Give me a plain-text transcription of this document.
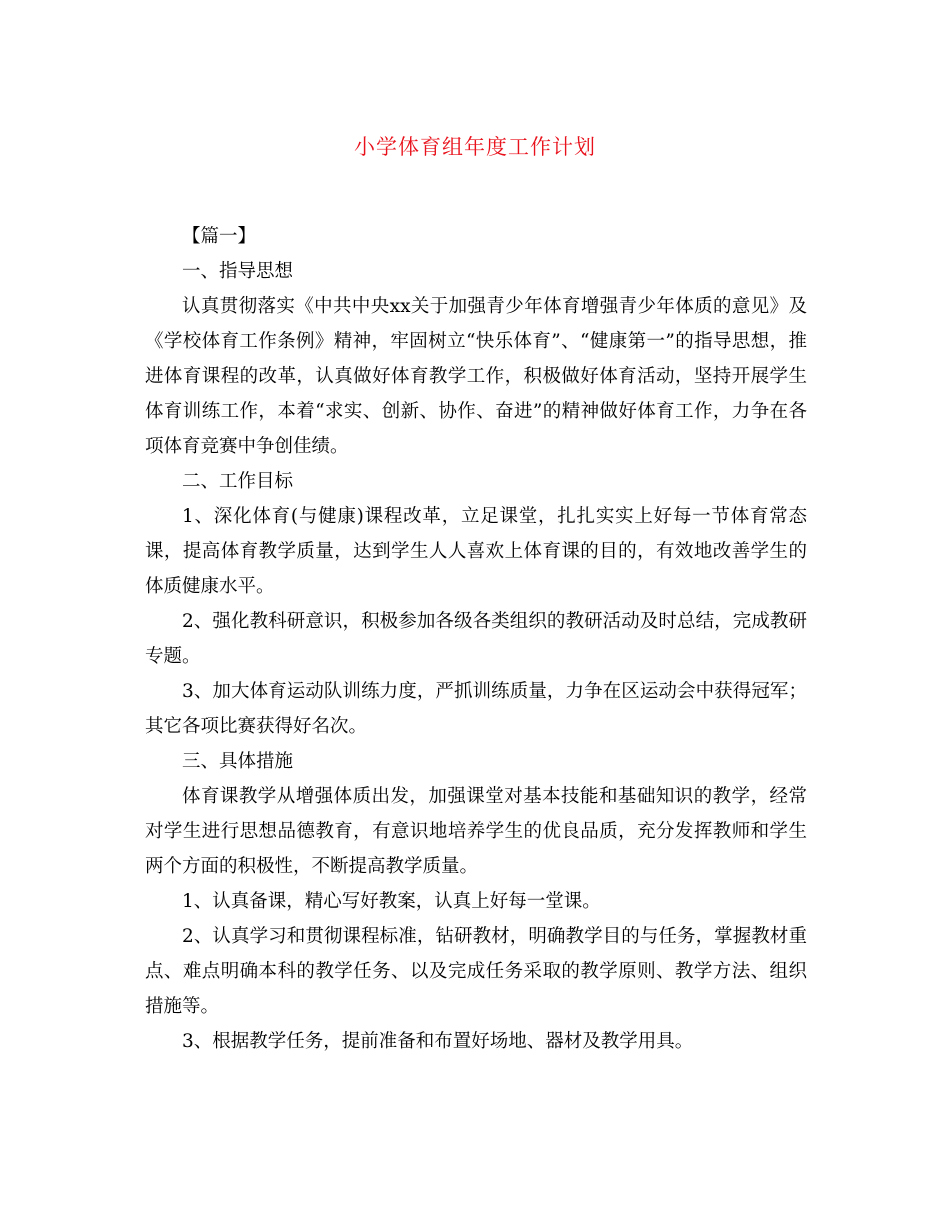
小学体育组年度工作计划

【篇一】

一、指导思想

认真贯彻落实《中共中央xx关于加强青少年体育增强青少年体质的意见》及《学校体育工作条例》精神，牢固树立“快乐体育”、“健康第一”的指导思想，推进体育课程的改革，认真做好体育教学工作，积极做好体育活动，坚持开展学生体育训练工作，本着“求实、创新、协作、奋进”的精神做好体育工作，力争在各项体育竞赛中争创佳绩。

二、工作目标

1、深化体育(与健康)课程改革，立足课堂，扎扎实实上好每一节体育常态课，提高体育教学质量，达到学生人人喜欢上体育课的目的，有效地改善学生的体质健康水平。

2、强化教科研意识，积极参加各级各类组织的教研活动及时总结，完成教研专题。

3、加大体育运动队训练力度，严抓训练质量，力争在区运动会中获得冠军；其它各项比赛获得好名次。

三、具体措施

体育课教学从增强体质出发，加强课堂对基本技能和基础知识的教学，经常对学生进行思想品德教育，有意识地培养学生的优良品质，充分发挥教师和学生两个方面的积极性，不断提高教学质量。

1、认真备课，精心写好教案，认真上好每一堂课。

2、认真学习和贯彻课程标准，钻研教材，明确教学目的与任务，掌握教材重点、难点明确本科的教学任务、以及完成任务采取的教学原则、教学方法、组织措施等。

3、根据教学任务，提前准备和布置好场地、器材及教学用具。
